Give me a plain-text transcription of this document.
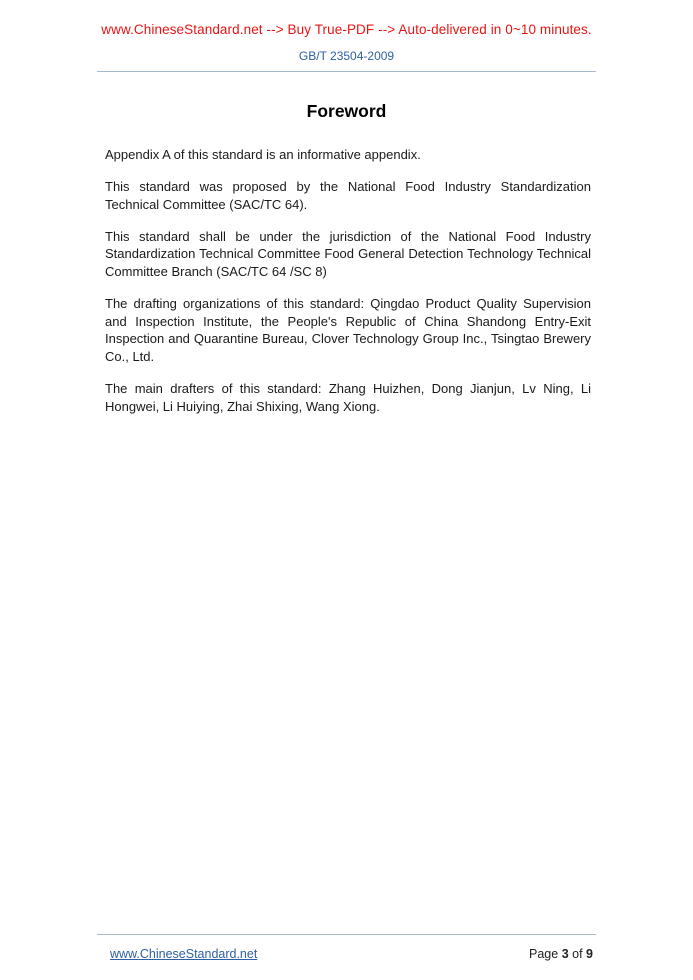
www.ChineseStandard.net --> Buy True-PDF --> Auto-delivered in 0~10 minutes.
GB/T 23504-2009
Foreword

Appendix A of this standard is an informative appendix.

This standard was proposed by the National Food Industry Standardization Technical Committee (SAC/TC 64).

This standard shall be under the jurisdiction of the National Food Industry Standardization Technical Committee Food General Detection Technology Technical Committee Branch (SAC/TC 64 /SC 8)

The drafting organizations of this standard: Qingdao Product Quality Supervision and Inspection Institute, the People's Republic of China Shandong Entry-Exit Inspection and Quarantine Bureau, Clover Technology Group Inc., Tsingtao Brewery Co., Ltd.

The main drafters of this standard: Zhang Huizhen, Dong Jianjun, Lv Ning, Li Hongwei, Li Huiying, Zhai Shixing, Wang Xiong.

www.ChineseStandard.net	Page 3 of 9
